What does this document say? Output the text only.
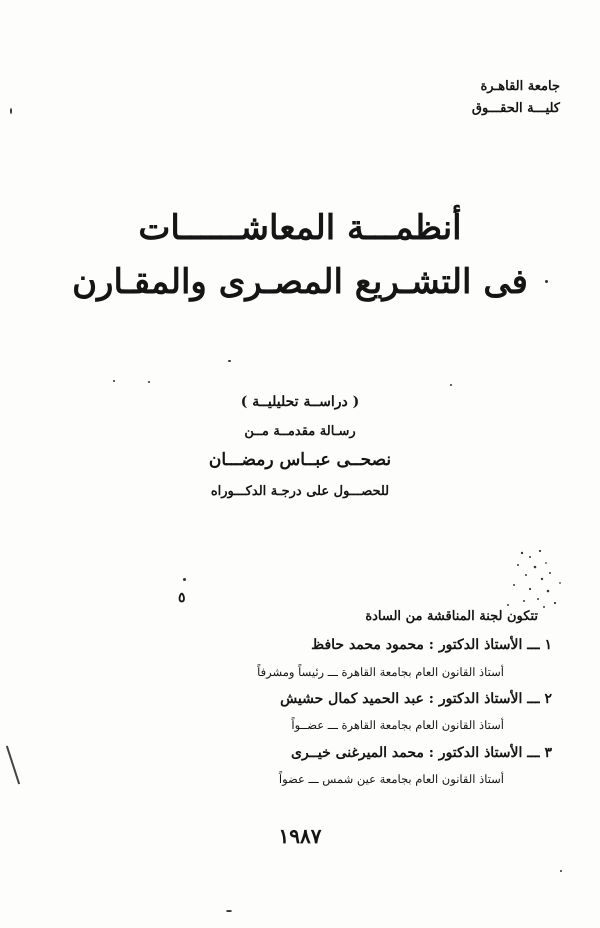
جامعة القاهـرة
كليـــة الحقـــوق
أنظمـــة المعاشــــــات
فى التشـريع المصـرى والمقـارن
( دراســة تحليليــة )
رسـالة مقدمــة مــن
نصحــى عبــاس رمضـــان
للحصـــول على درجـة الدكـــوراه
٥
تتكون لجنة المناقشة من السادة
١ ـــ الأستاذ الدكتور : محمود محمد حافظ
أستاذ القانون العام بجامعة القاهرة ـــ رئيساً ومشرفاً
٢ ـــ الأستاذ الدكتور : عبد الحميد كمال حشيش
أستاذ القانون العام بجامعة القاهرة ـــ عضــواً
٣ ـــ الأستاذ الدكتور : محمد الميرغنى خيــرى
أستاذ القانون العام بجامعة عين شمس ـــ عضواً
١٩٨٧
